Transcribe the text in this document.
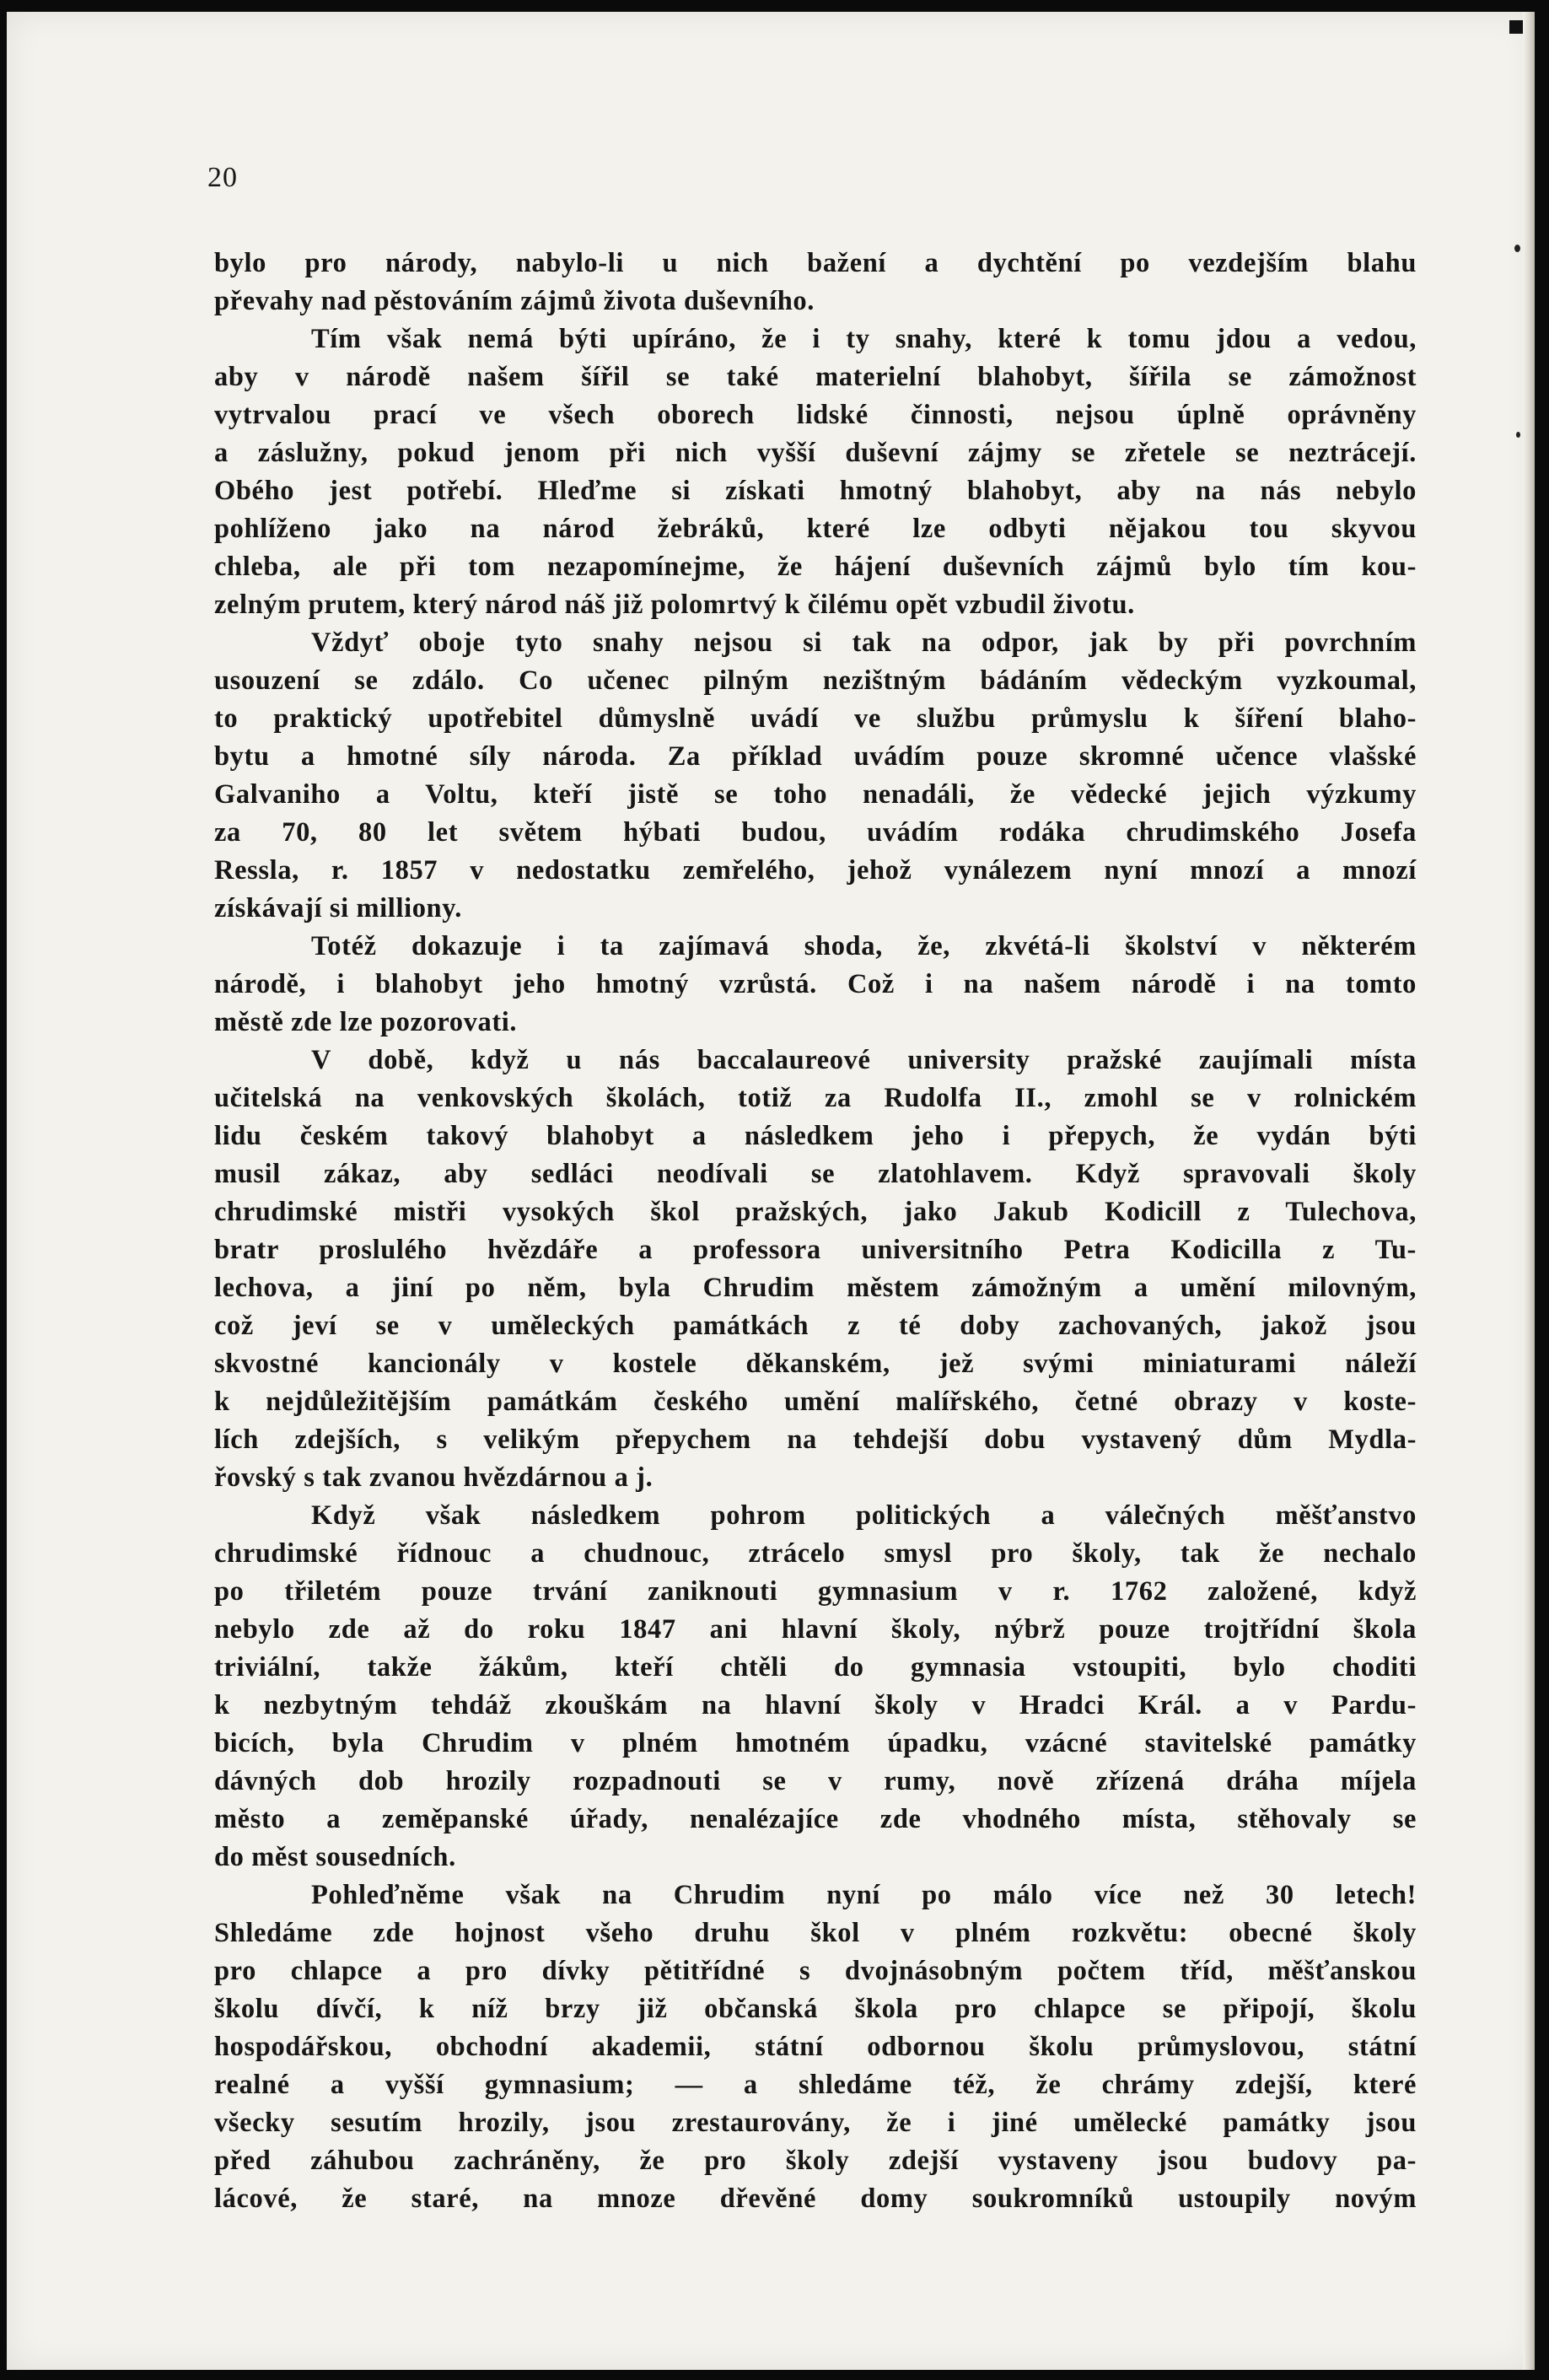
20
bylo pro národy, nabylo-li u nich bažení a dychtění po vezdejším blahu
převahy nad pěstováním zájmů života duševního.
Tím však nemá býti upíráno, že i ty snahy, které k tomu jdou a vedou,
aby v národě našem šířil se také materielní blahobyt, šířila se zámožnost
vytrvalou prací ve všech oborech lidské činnosti, nejsou úplně oprávněny
a záslužny, pokud jenom při nich vyšší duševní zájmy se zřetele se neztrácejí.
Obého jest potřebí. Hleďme si získati hmotný blahobyt, aby na nás nebylo
pohlíženo jako na národ žebráků, které lze odbyti nějakou tou skyvou
chleba, ale při tom nezapomínejme, že hájení duševních zájmů bylo tím kou-
zelným prutem, který národ náš již polomrtvý k čilému opět vzbudil životu.
Vždyť oboje tyto snahy nejsou si tak na odpor, jak by při povrchním
usouzení se zdálo. Co učenec pilným nezištným bádáním vědeckým vyzkoumal,
to praktický upotřebitel důmyslně uvádí ve službu průmyslu k šíření blaho-
bytu a hmotné síly národa. Za příklad uvádím pouze skromné učence vlašské
Galvaniho a Voltu, kteří jistě se toho nenadáli, že vědecké jejich výzkumy
za 70, 80 let světem hýbati budou, uvádím rodáka chrudimského Josefa
Ressla, r. 1857 v nedostatku zemřelého, jehož vynálezem nyní mnozí a mnozí
získávají si milliony.
Totéž dokazuje i ta zajímavá shoda, že, zkvétá-li školství v některém
národě, i blahobyt jeho hmotný vzrůstá. Což i na našem národě i na tomto
městě zde lze pozorovati.
V době, když u nás baccalaureové university pražské zaujímali místa
učitelská na venkovských školách, totiž za Rudolfa II., zmohl se v rolnickém
lidu českém takový blahobyt a následkem jeho i přepych, že vydán býti
musil zákaz, aby sedláci neodívali se zlatohlavem. Když spravovali školy
chrudimské mistři vysokých škol pražských, jako Jakub Kodicill z Tulechova,
bratr proslulého hvězdáře a professora universitního Petra Kodicilla z Tu-
lechova, a jiní po něm, byla Chrudim městem zámožným a umění milovným,
což jeví se v uměleckých památkách z té doby zachovaných, jakož jsou
skvostné kancionály v kostele děkanském, jež svými miniaturami náleží
k nejdůležitějším památkám českého umění malířského, četné obrazy v koste-
lích zdejších, s velikým přepychem na tehdejší dobu vystavený dům Mydla-
řovský s tak zvanou hvězdárnou a j.
Když však následkem pohrom politických a válečných měšťanstvo
chrudimské řídnouc a chudnouc, ztrácelo smysl pro školy, tak že nechalo
po třiletém pouze trvání zaniknouti gymnasium v r. 1762 založené, když
nebylo zde až do roku 1847 ani hlavní školy, nýbrž pouze trojtřídní škola
triviální, takže žákům, kteří chtěli do gymnasia vstoupiti, bylo choditi
k nezbytným tehdáž zkouškám na hlavní školy v Hradci Král. a v Pardu-
bicích, byla Chrudim v plném hmotném úpadku, vzácné stavitelské památky
dávných dob hrozily rozpadnouti se v rumy, nově zřízená dráha míjela
město a zeměpanské úřady, nenalézajíce zde vhodného místa, stěhovaly se
do měst sousedních.
Pohleďněme však na Chrudim nyní po málo více než 30 letech!
Shledáme zde hojnost všeho druhu škol v plném rozkvětu: obecné školy
pro chlapce a pro dívky pětitřídné s dvojnásobným počtem tříd, měšťanskou
školu dívčí, k níž brzy již občanská škola pro chlapce se připojí, školu
hospodářskou, obchodní akademii, státní odbornou školu průmyslovou, státní
realné a vyšší gymnasium; — a shledáme též, že chrámy zdejší, které
všecky sesutím hrozily, jsou zrestaurovány, že i jiné umělecké památky jsou
před záhubou zachráněny, že pro školy zdejší vystaveny jsou budovy pa-
lácové, že staré, na mnoze dřevěné domy soukromníků ustoupily novým
